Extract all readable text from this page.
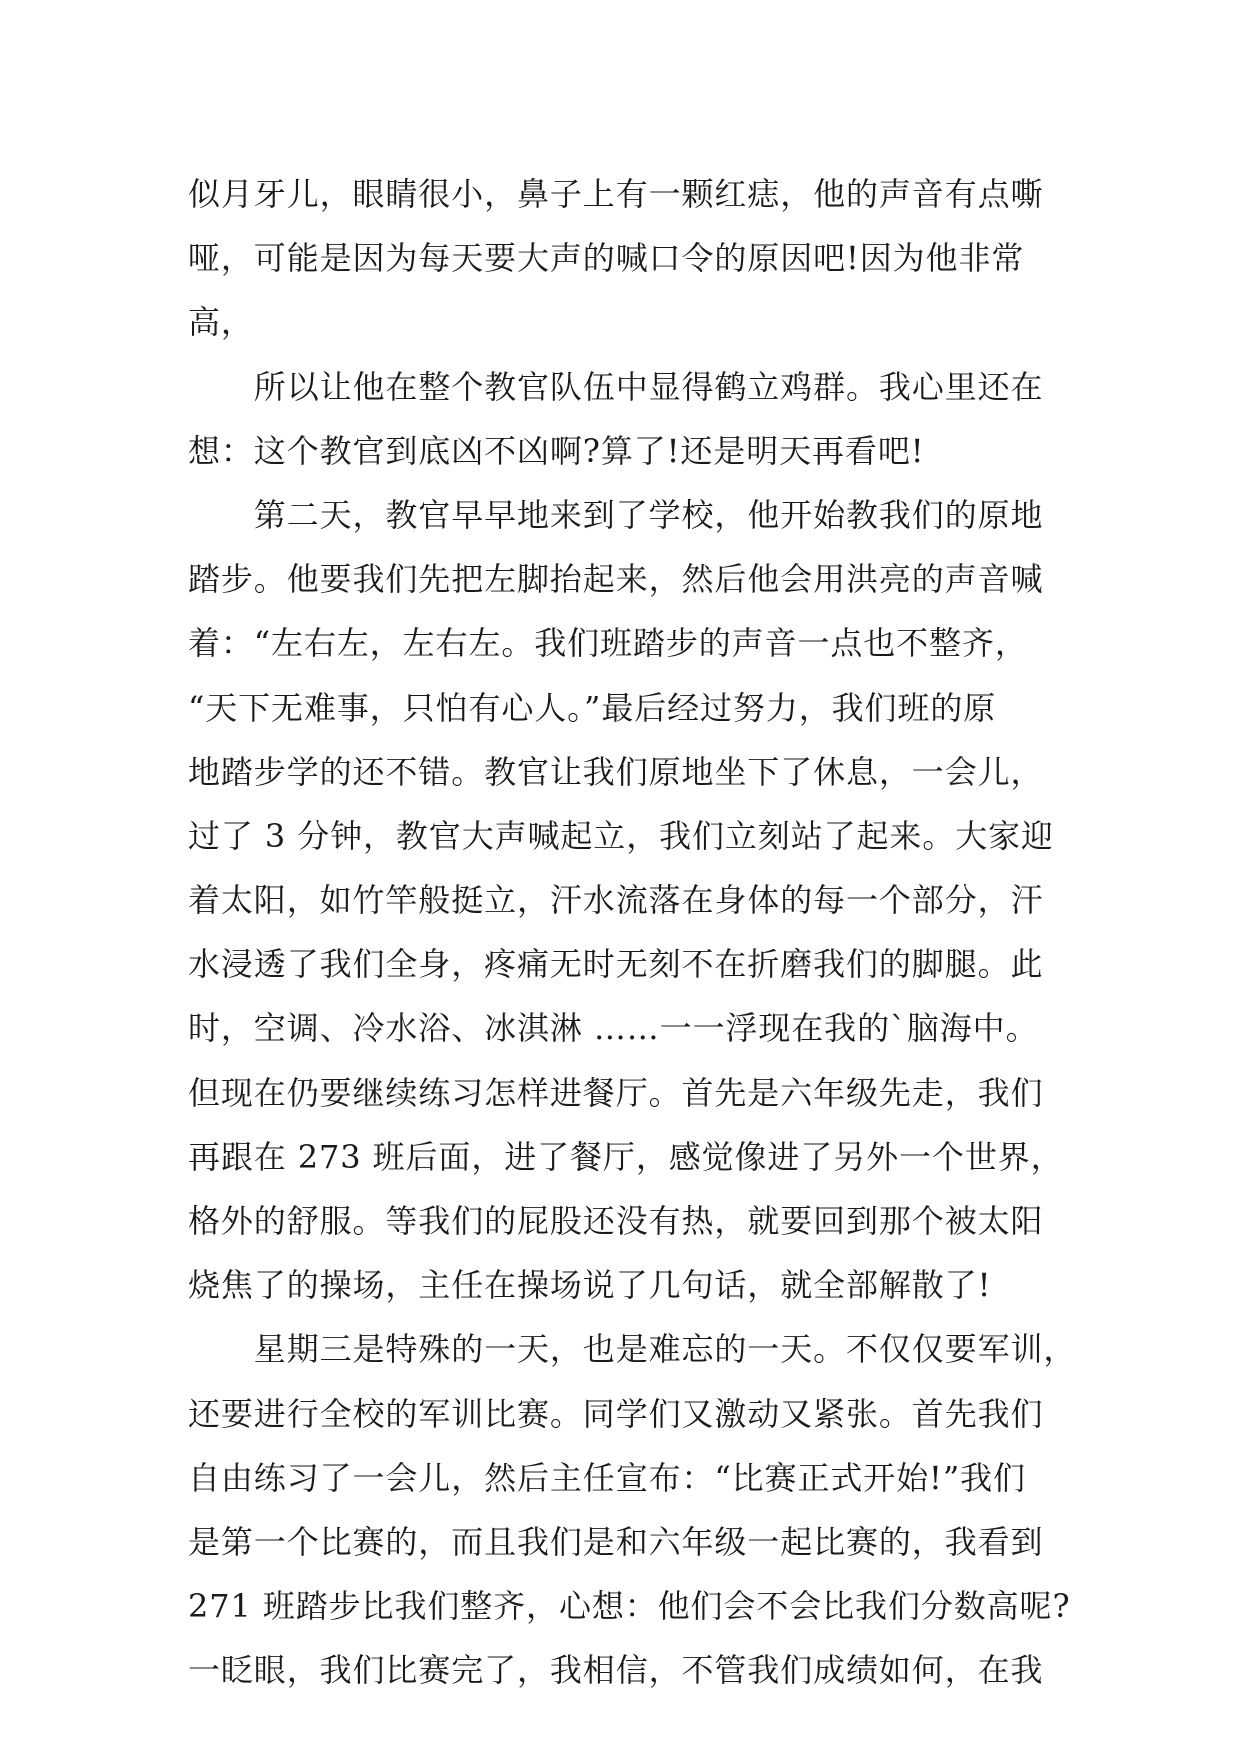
似月牙儿，眼睛很小，鼻子上有一颗红痣，他的声音有点嘶
哑，可能是因为每天要大声的喊口令的原因吧!因为他非常
高，
　　所以让他在整个教官队伍中显得鹤立鸡群。我心里还在
想：这个教官到底凶不凶啊?算了!还是明天再看吧!
　　第二天，教官早早地来到了学校，他开始教我们的原地
踏步。他要我们先把左脚抬起来，然后他会用洪亮的声音喊
着：“左右左，左右左。我们班踏步的声音一点也不整齐，
“天下无难事，只怕有心人。”最后经过努力，我们班的原
地踏步学的还不错。教官让我们原地坐下了休息，一会儿，
过了 3 分钟，教官大声喊起立，我们立刻站了起来。大家迎
着太阳，如竹竿般挺立，汗水流落在身体的每一个部分，汗
水浸透了我们全身，疼痛无时无刻不在折磨我们的脚腿。此
时，空调、冷水浴、冰淇淋 ……一一浮现在我的`脑海中。
但现在仍要继续练习怎样进餐厅。首先是六年级先走，我们
再跟在 273 班后面，进了餐厅，感觉像进了另外一个世界，
格外的舒服。等我们的屁股还没有热，就要回到那个被太阳
烧焦了的操场，主任在操场说了几句话，就全部解散了!
　　星期三是特殊的一天，也是难忘的一天。不仅仅要军训，
还要进行全校的军训比赛。同学们又激动又紧张。首先我们
自由练习了一会儿，然后主任宣布：“比赛正式开始!”我们
是第一个比赛的，而且我们是和六年级一起比赛的，我看到
271 班踏步比我们整齐，心想：他们会不会比我们分数高呢?
一眨眼，我们比赛完了，我相信，不管我们成绩如何，在我
